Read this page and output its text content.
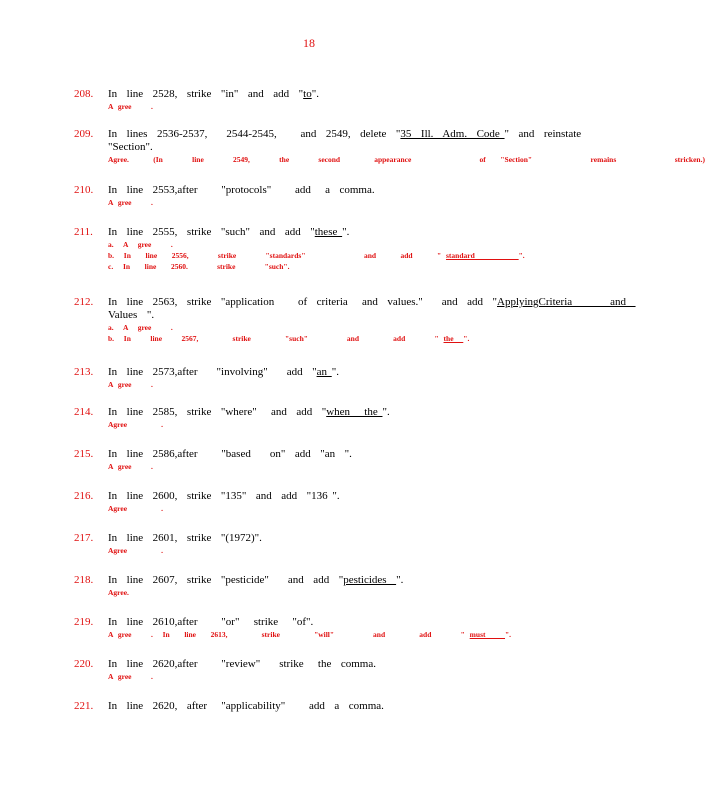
18
208.	In  line  2528,  strike  "in"  and  add  "to".
A gree    .
209.	In  lines  2536-2537,    2544-2545,     and  2549,  delete  "35  Ill.  Adm.  Code "  and  reinstate
"Section".
Agree.     (In      line      2549,      the      second       appearance              of   "Section"            remains            stricken.)
210.	In  line  2553,after     "protocols"     add   a  comma.
A gree    .
211.	In  line  2555,  strike  "such"  and  add  "these ".
a.  A  gree    .
b.  In   line   2556,      strike      "standards"            and     add     " standard         ".
c.  In   line   2560.      strike      "such".
212.	In  line  2563,  strike  "application     of  criteria   and  values."    and  add  "ApplyingCriteria        and
Values  ".
a.  A  gree    .
b.  In    line    2567,       strike       "such"        and       add      " the  ".
213.	In  line  2573,after    "involving"    add  "an ".
A gree    .
214.	In  line  2585,  strike  "where"   and  add  "when   the ".
Agree       .
215.	In  line  2586,after     "based    on"  add  "an  ".
A gree    .
216.	In  line  2600,  strike  "135"  and  add  "136 ".
Agree       .
217.	In  line  2601,  strike  "(1972)".
Agree       .
218.	In  line  2607,  strike  "pesticide"    and  add  "pesticides  ".
Agree.
219.	In  line  2610,after     "or"   strike   "of".
A gree    .  In   line   2613,       strike       "will"        and       add      " must    ".
220.	In  line  2620,after     "review"    strike   the  comma.
A gree    .
221.	In  line  2620,  after   "applicability"     add  a  comma.
